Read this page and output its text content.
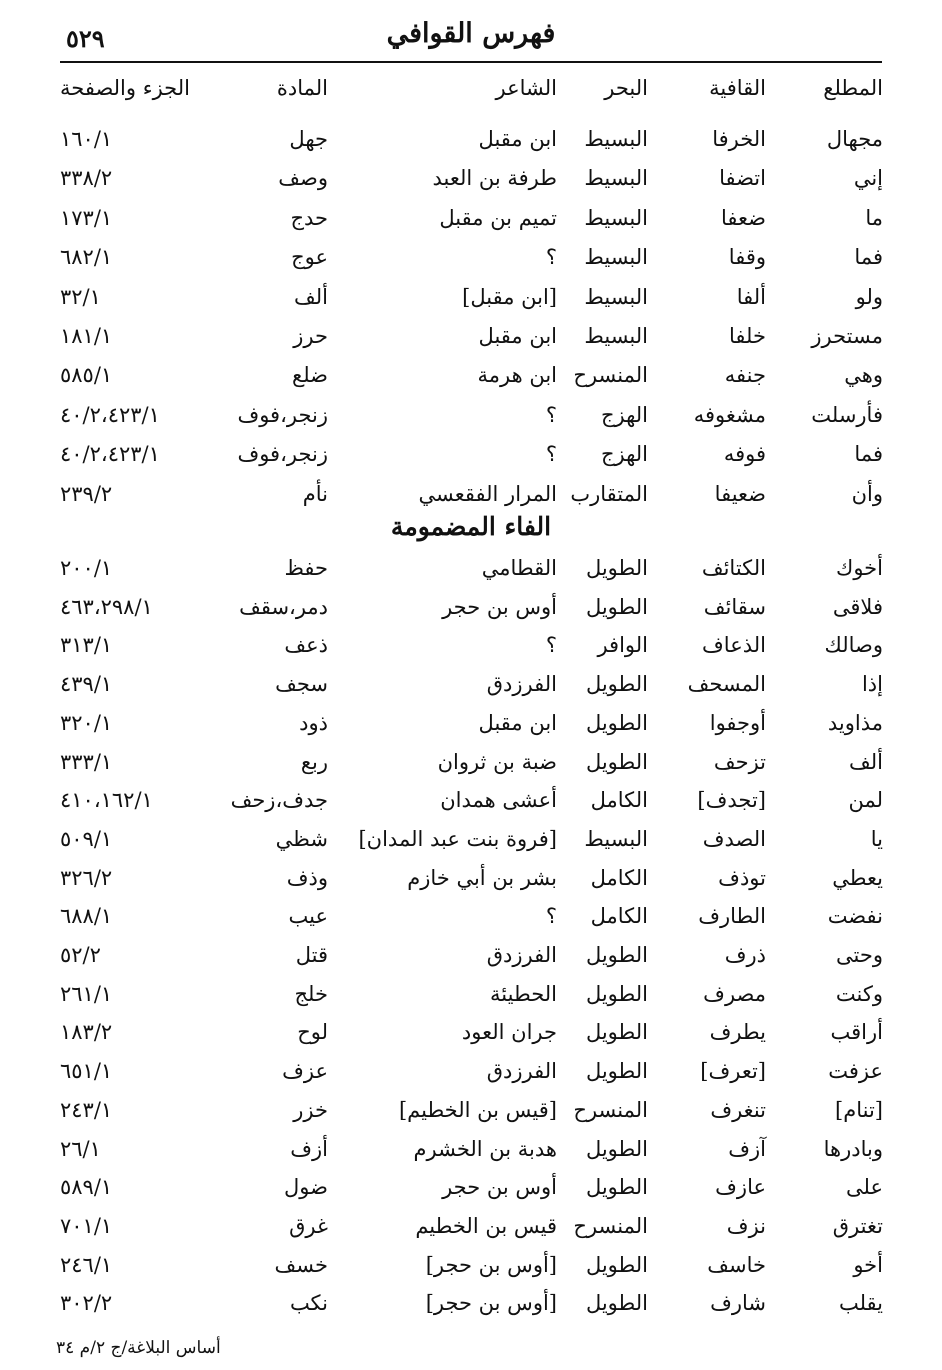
فهرس القوافي
٥٢٩
المطلع
القافية
البحر
الشاعر
المادة
الجزء والصفحة
مجهال
الخرفا
البسيط
ابن مقبل
جهل
١٦٠/١
إني
اتضفا
البسيط
طرفة بن العبد
وصف
٣٣٨/٢
ما
ضعفا
البسيط
تميم بن مقبل
حدج
١٧٣/١
فما
وقفا
البسيط
؟
عوج
٦٨٢/١
ولو
ألفا
البسيط
[ابن مقبل]
ألف
٣٢/١
مستحرز
خلفا
البسيط
ابن مقبل
حرز
١٨١/١
وهي
جنفه
المنسرح
ابن هرمة
ضلع
٥٨٥/١
فأرسلت
مشغوفه
الهزج
؟
زنجر،فوف
٤٠/٢،٤٢٣/١
فما
فوفه
الهزج
؟
زنجر،فوف
٤٠/٢،٤٢٣/١
وأن
ضعيفا
المتقارب
المرار الفقعسي
نأم
٢٣٩/٢
الفاء المضمومة
أخوك
الكتائف
الطويل
القطامي
حفظ
٢٠٠/١
فلاقى
سقائف
الطويل
أوس بن حجر
دمر،سقف
٤٦٣،٢٩٨/١
وصالك
الذعاف
الوافر
؟
ذعف
٣١٣/١
إذا
المسحف
الطويل
الفرزدق
سجف
٤٣٩/١
مذاويد
أوجفوا
الطويل
ابن مقبل
ذود
٣٢٠/١
ألف
تزحف
الطويل
ضبة بن ثروان
ربع
٣٣٣/١
لمن
[تجدف]
الكامل
أعشى همدان
جدف،زحف
٤١٠،١٦٢/١
يا
الصدف
البسيط
[فروة بنت عبد المدان]
شظي
٥٠٩/١
يعطي
توذف
الكامل
بشر بن أبي خازم
وذف
٣٢٦/٢
نفضت
الطارف
الكامل
؟
عيب
٦٨٨/١
وحتى
ذرف
الطويل
الفرزدق
قتل
٥٢/٢
وكنت
مصرف
الطويل
الحطيئة
خلج
٢٦١/١
أراقب
يطرف
الطويل
جران العود
لوح
١٨٣/٢
عزفت
[تعرف]
الطويل
الفرزدق
عزف
٦٥١/١
[تنام]
تنغرف
المنسرح
[قيس بن الخطيم]
خزر
٢٤٣/١
وبادرها
آزف
الطويل
هدبة بن الخشرم
أزف
٢٦/١
على
عازف
الطويل
أوس بن حجر
ضول
٥٨٩/١
تغترق
نزف
المنسرح
قيس بن الخطيم
غرق
٧٠١/١
أخو
خاسف
الطويل
[أوس بن حجر]
خسف
٢٤٦/١
يقلب
شارف
الطويل
[أوس بن حجر]
نكب
٣٠٢/٢
أساس البلاغة/ج ٢/م ٣٤
